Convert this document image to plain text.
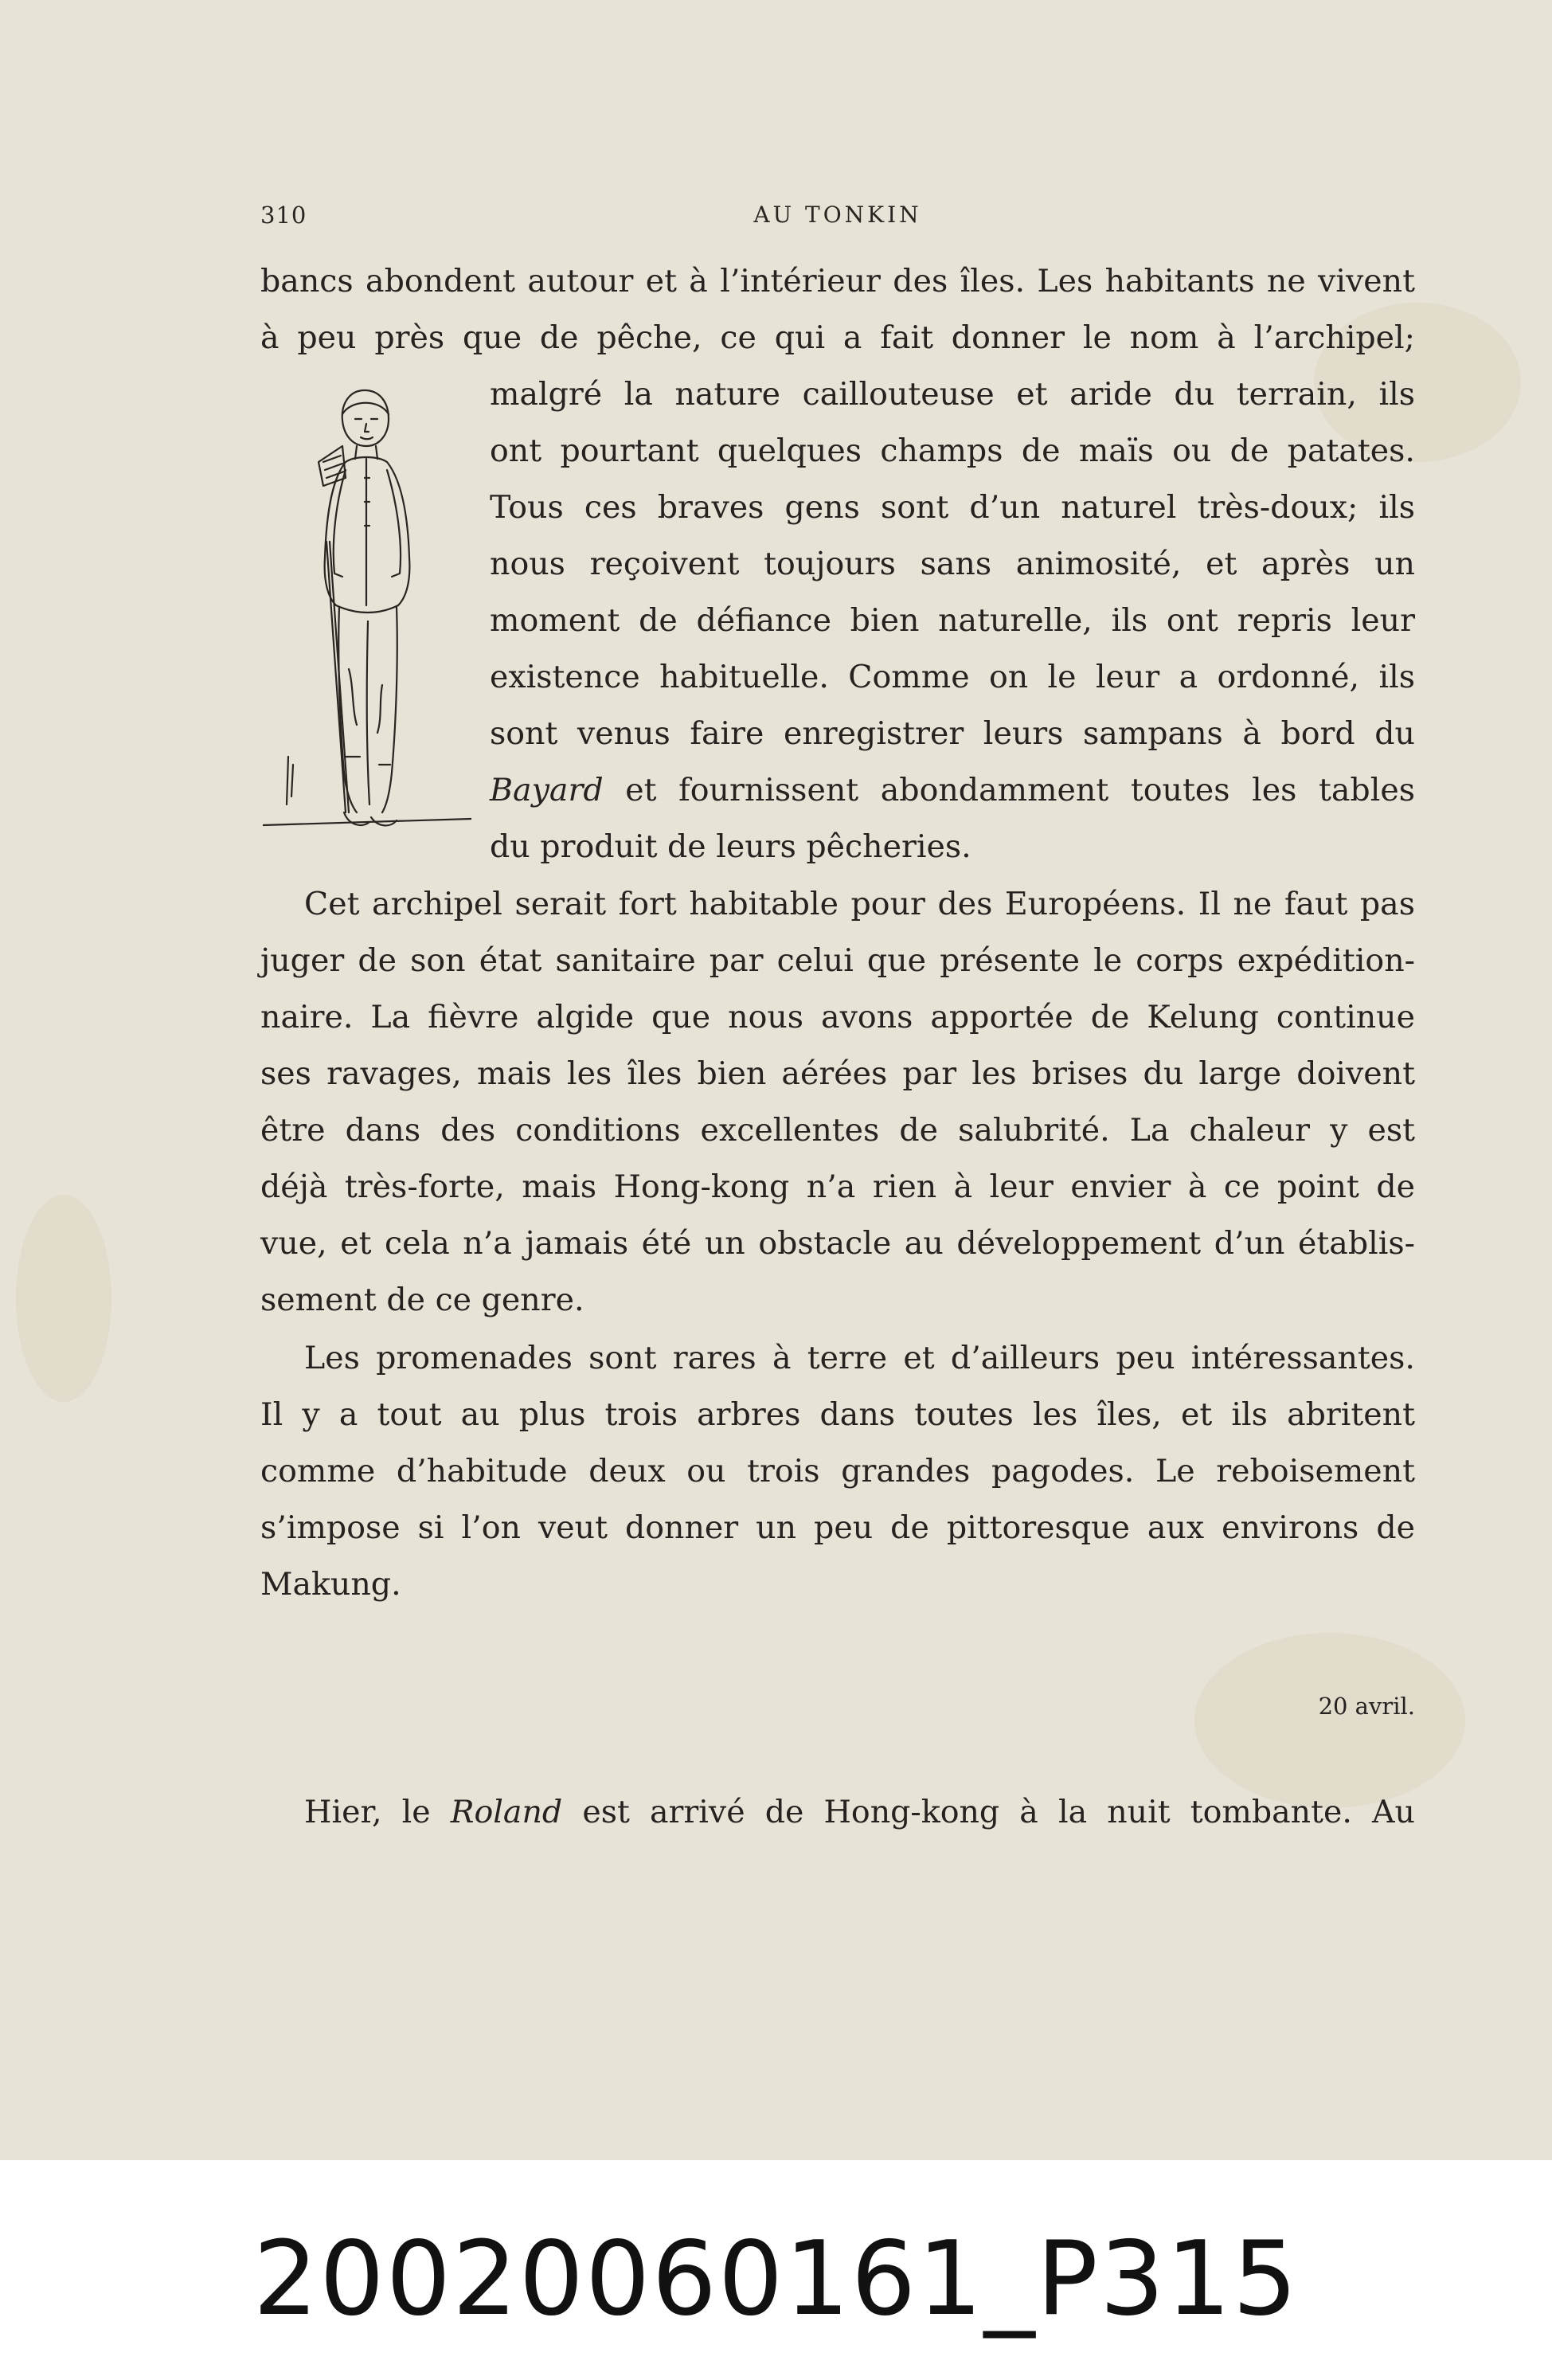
310	AU TONKIN
bancs abondent autour et à l’intérieur des îles. Les habitants ne vivent
à peu près que de pêche, ce qui a fait donner le nom à l’archipel;
malgré la nature caillouteuse et aride du terrain, ils
ont pourtant quelques champs de maïs ou de patates.
Tous ces braves gens sont d’un naturel très-doux; ils
nous reçoivent toujours sans animosité, et après un
moment de défiance bien naturelle, ils ont repris leur
existence habituelle. Comme on le leur a ordonné, ils
sont venus faire enregistrer leurs sampans à bord du
Bayard et fournissent abondamment toutes les tables
du produit de leurs pêcheries.
Cet archipel serait fort habitable pour des Européens. Il ne faut pas
juger de son état sanitaire par celui que présente le corps expédition-
naire. La fièvre algide que nous avons apportée de Kelung continue
ses ravages, mais les îles bien aérées par les brises du large doivent
être dans des conditions excellentes de salubrité. La chaleur y est
déjà très-forte, mais Hong-kong n’a rien à leur envier à ce point de
vue, et cela n’a jamais été un obstacle au développement d’un établis-
sement de ce genre.
Les promenades sont rares à terre et d’ailleurs peu intéressantes.
Il y a tout au plus trois arbres dans toutes les îles, et ils abritent
comme d’habitude deux ou trois grandes pagodes. Le reboisement
s’impose si l’on veut donner un peu de pittoresque aux environs de
Makung.
20 avril.
Hier, le Roland est arrivé de Hong-kong à la nuit tombante. Au
20020060161_P315
